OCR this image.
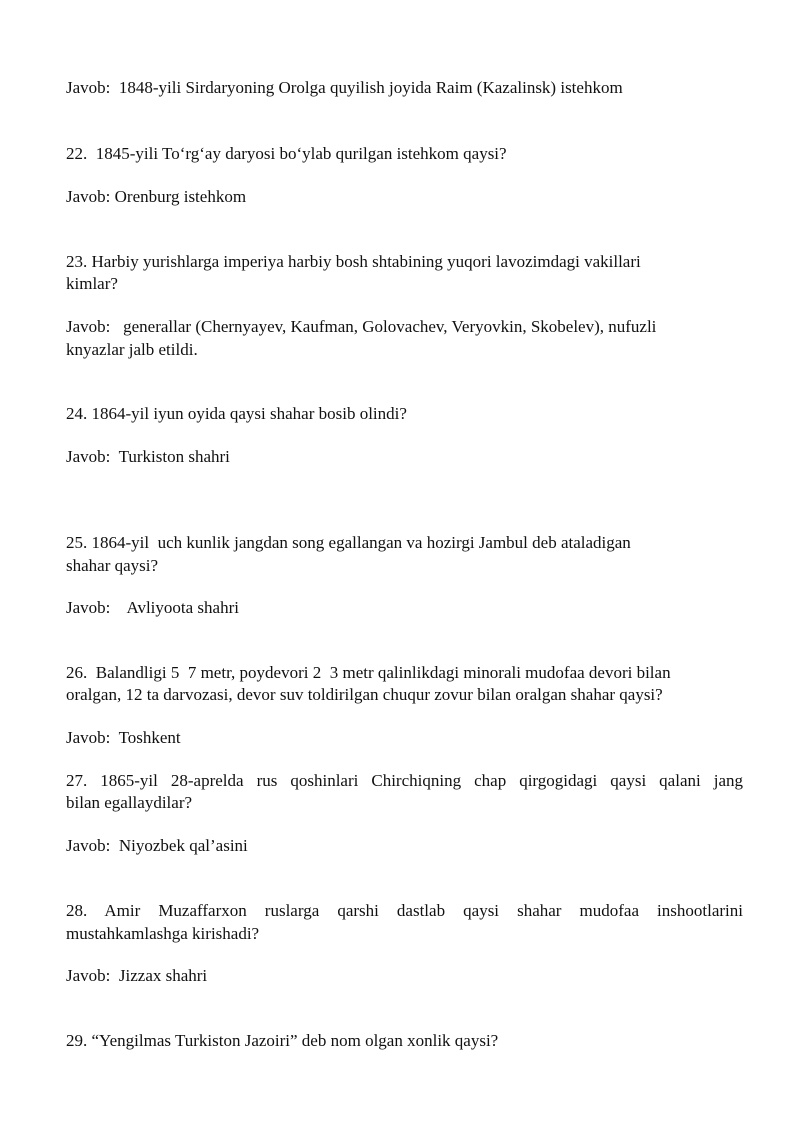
Javob:  1848-yili Sirdaryoning Orolga quyilish joyida Raim (Kazalinsk) istehkom
22.  1845-yili To‘rg‘ay daryosi bo‘ylab qurilgan istehkom qaysi?
Javob: Orenburg istehkom
23. Harbiy yurishlarga imperiya harbiy bosh shtabining yuqori lavozimdagi vakillari
kimlar?
Javob:   generallar (Chernyayev, Kaufman, Golovachev, Veryovkin, Skobelev), nufuzli
knyazlar jalb etildi.
24. 1864-yil iyun oyida qaysi shahar bosib olindi?
Javob:  Turkiston shahri
25. 1864-yil  uch kunlik jangdan song egallangan va hozirgi Jambul deb ataladigan
shahar qaysi?
Javob:    Avliyoota shahri
26.  Balandligi 5  7 metr, poydevori 2  3 metr qalinlikdagi minorali mudofaa devori bilan
oralgan, 12 ta darvozasi, devor suv toldirilgan chuqur zovur bilan oralgan shahar qaysi?
Javob:  Toshkent
27. 1865-yil 28-aprelda rus qoshinlari Chirchiqning chap qirgogidagi qaysi qalani jang
bilan egallaydilar?
Javob:  Niyozbek qal’asini
28. Amir Muzaffarxon ruslarga qarshi dastlab qaysi shahar mudofaa inshootlarini
mustahkamlashga kirishadi?
Javob:  Jizzax shahri
29. “Yengilmas Turkiston Jazoiri” deb nom olgan xonlik qaysi?
